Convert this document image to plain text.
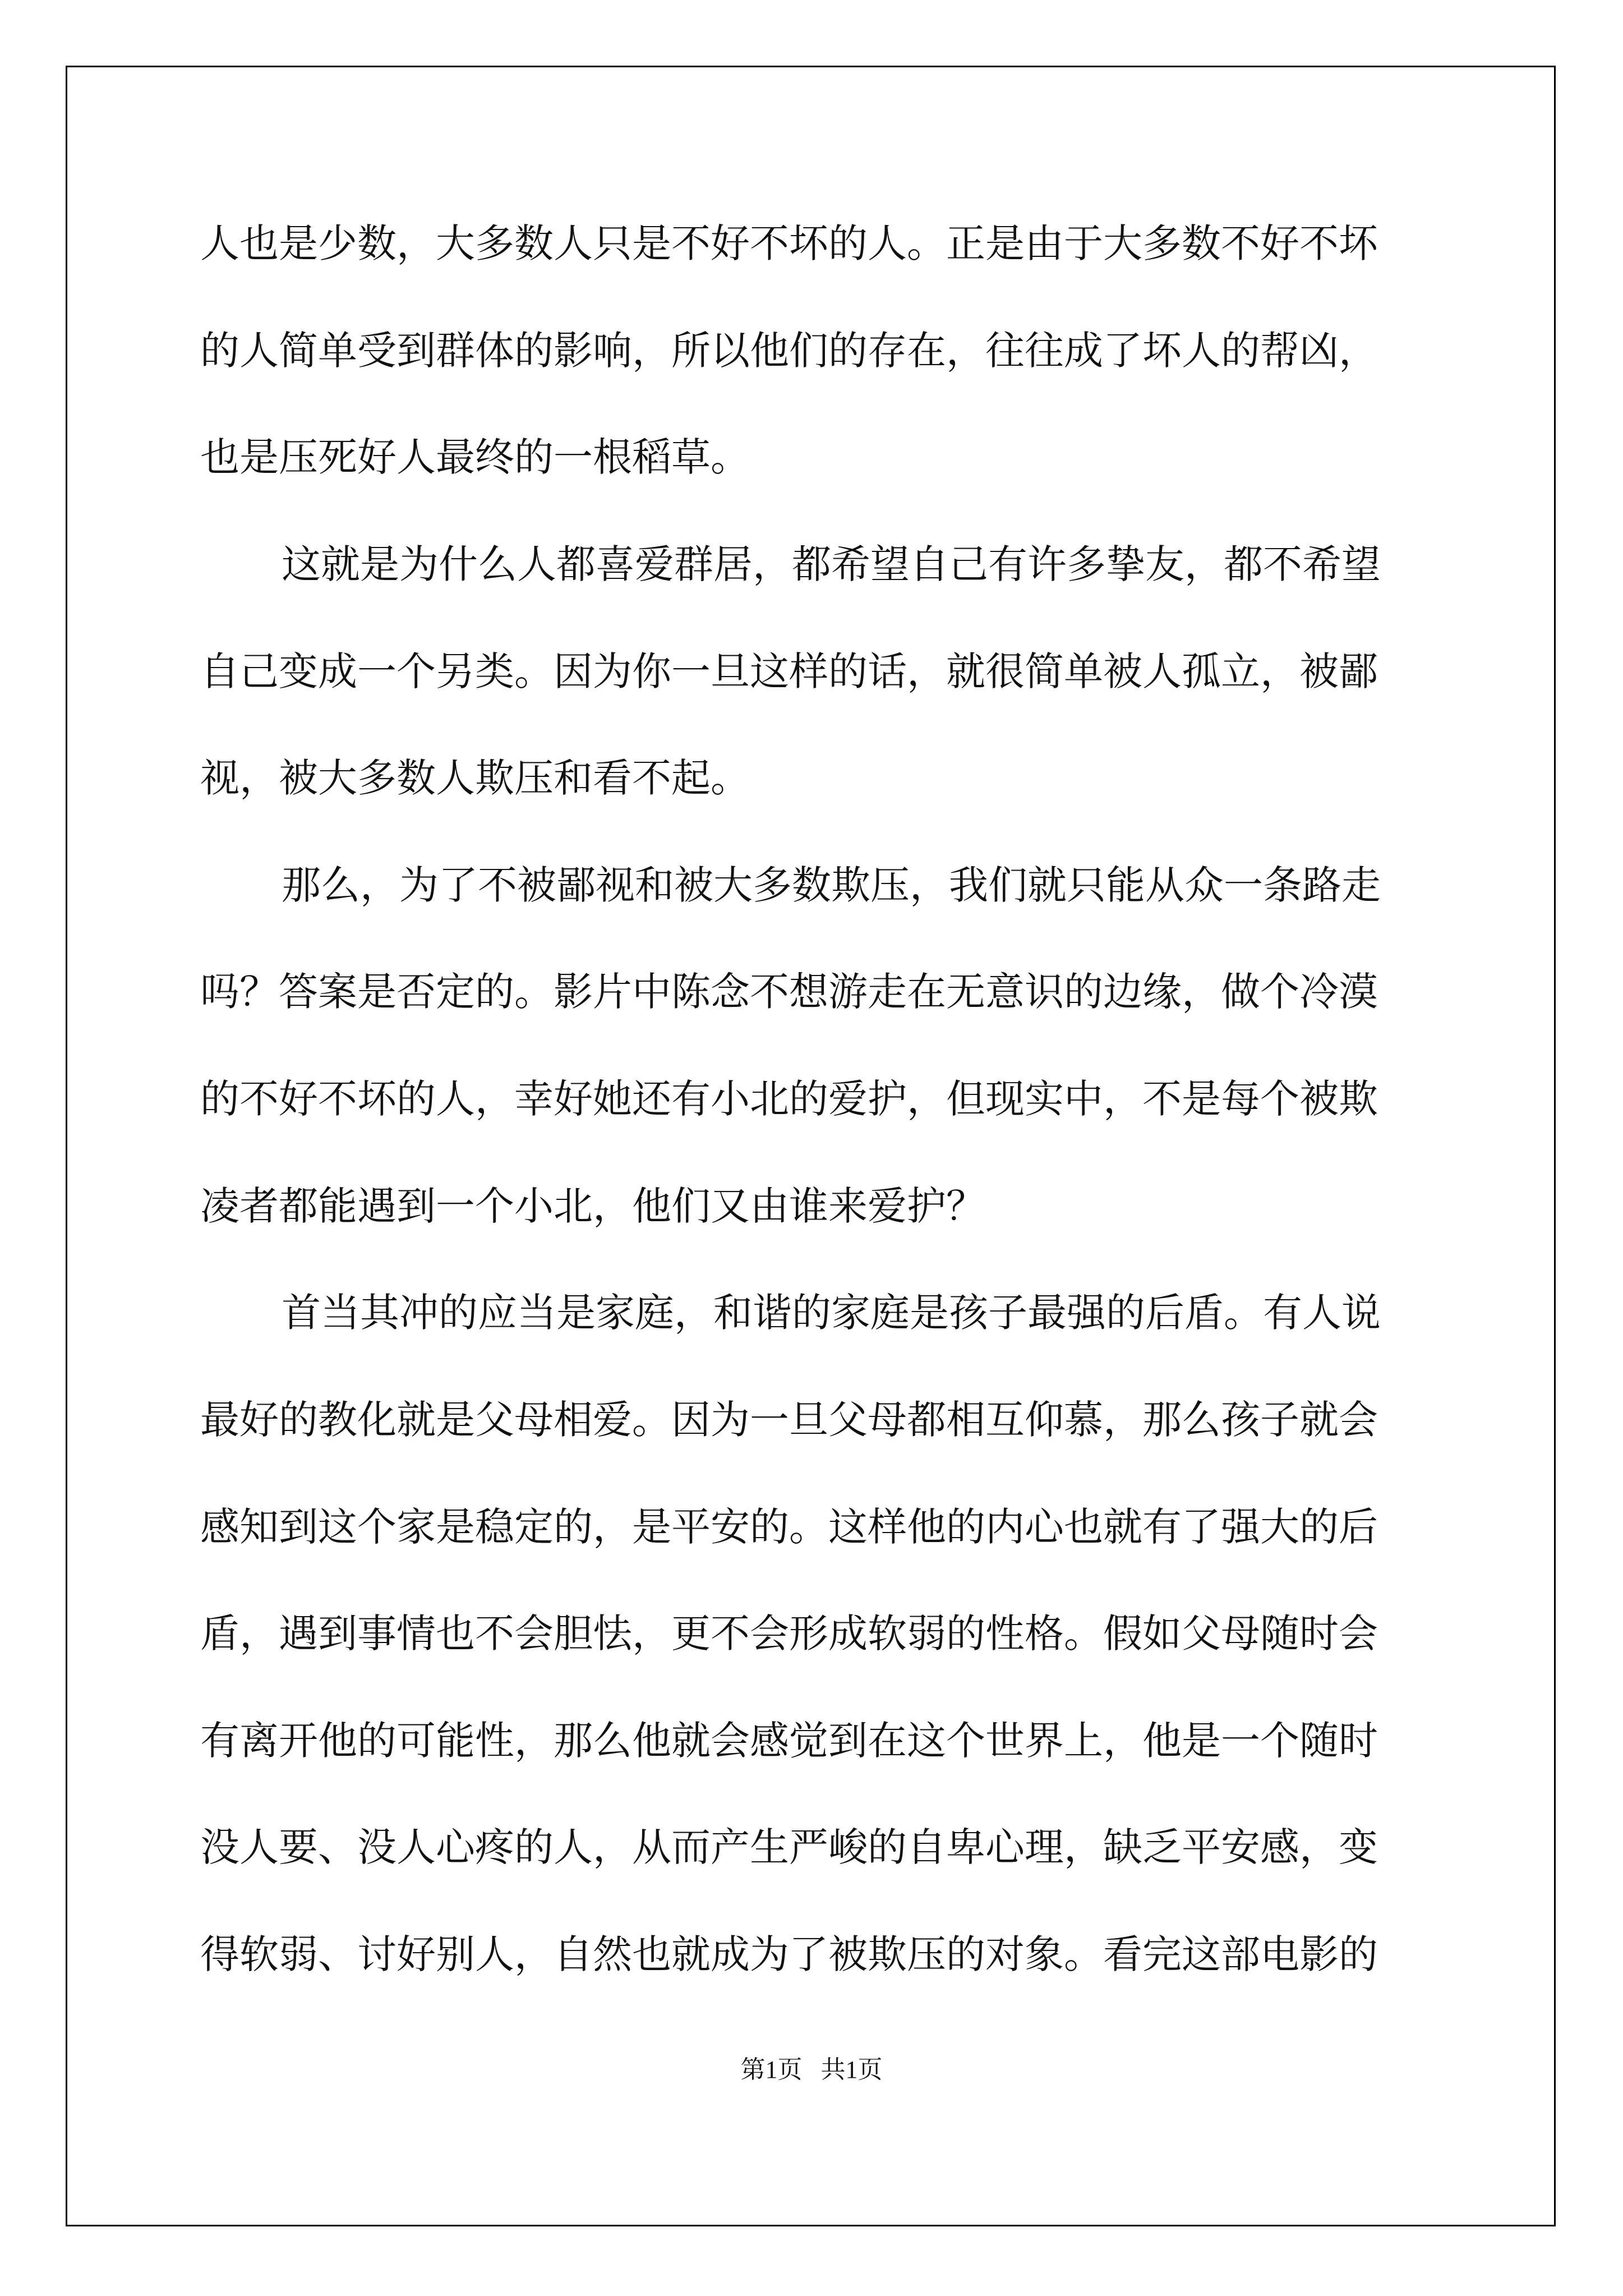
人也是少数，大多数人只是不好不坏的人。正是由于大多数不好不坏

的人简单受到群体的影响，所以他们的存在，往往成了坏人的帮凶，

也是压死好人最终的一根稻草。

这就是为什么人都喜爱群居，都希望自己有许多挚友，都不希望

自己变成一个另类。因为你一旦这样的话，就很简单被人孤立，被鄙

视，被大多数人欺压和看不起。

那么，为了不被鄙视和被大多数欺压，我们就只能从众一条路走

吗？答案是否定的。影片中陈念不想游走在无意识的边缘，做个冷漠

的不好不坏的人，幸好她还有小北的爱护，但现实中，不是每个被欺

凌者都能遇到一个小北，他们又由谁来爱护？

首当其冲的应当是家庭，和谐的家庭是孩子最强的后盾。有人说

最好的教化就是父母相爱。因为一旦父母都相互仰慕，那么孩子就会

感知到这个家是稳定的，是平安的。这样他的内心也就有了强大的后

盾，遇到事情也不会胆怯，更不会形成软弱的性格。假如父母随时会

有离开他的可能性，那么他就会感觉到在这个世界上，他是一个随时

没人要、没人心疼的人，从而产生严峻的自卑心理，缺乏平安感，变

得软弱、讨好别人，自然也就成为了被欺压的对象。看完这部电影的

第1页   共1页
